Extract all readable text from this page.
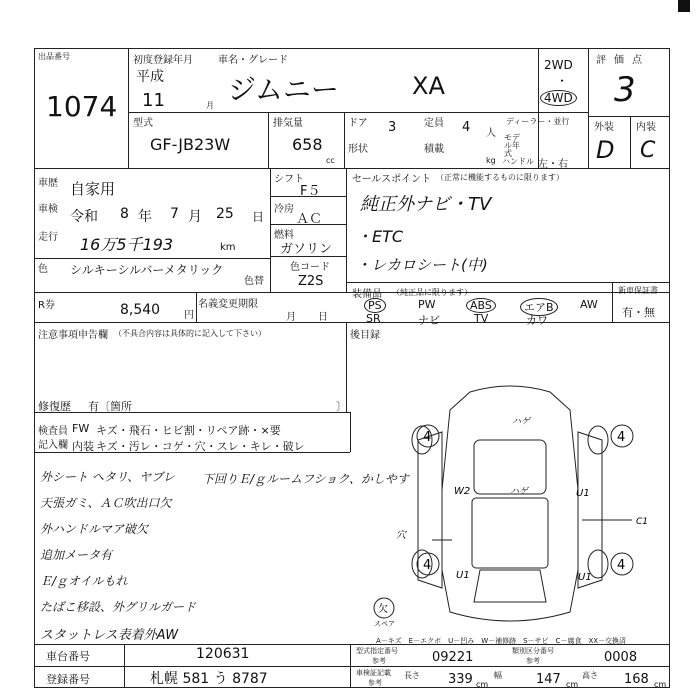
出品番号
1074
初度登録年月	車名・グレード
平成
11	月 ジムニー	XA
2WD
・
4WD
評価点
3
型式
GF-JB23W
排気量
658
cc
ドア 3	定員 4 人
ディーラー・並行
モデル年式
形状	積載
kg ハンドル 左・右
外装 内装
D C
車歴 自家用
車検 令和 8 年 7 月 25 日
走行 16万5千193	km
シフト
F５
冷房
ＡＣ
燃料
ガソリン
色 シルキーシルバーメタリック
色替
色コード
Z2S
セールスポイント （正常に機能するものに限ります）
純正外ナビ・TV
・ETC
・レカロシート(中)
R券	8,540 円
名義変更期限
月 日
装備品 （純正品に限ります）
PS	PW	ABS	エアB	AW
SR	ナビ	TV	カワ
新車保証書
有・無
注意事項申告欄 （不具合内容は具体的に記入して下さい）	後目録
修復歴 有〔箇所	〕
検査員
記入欄
FW キズ・飛石・ヒビ割・リペア跡・×要
内装 キズ・汚レ・コゲ・穴・スレ・キレ・破レ
下回りＥ/ｇルームフショク、かしやす
外シート ヘタリ、ヤブレ
天張ガミ、ＡＣ吹出口欠
外ハンドルマア破欠
追加メータ有
Ｅ/ｇオイルもれ
たばこ移設、外グリルガード
スタットレス表着外AW
4	4
4	4
ハゲ
W2	ハゲ	U1
U1
C1
穴
U1
欠
スペア
A－キズ　E－エクボ　U－凹み　W－補修跡　S－サビ　C－腐食　XX－交換済
車台番号	120631
登録番号	札幌 581 う 8787
型式指定番号
参考	09221	類別区分番号
参考	0008
車検証記載
参考
長さ 339 cm
幅	147 cm
高さ 168 cm
